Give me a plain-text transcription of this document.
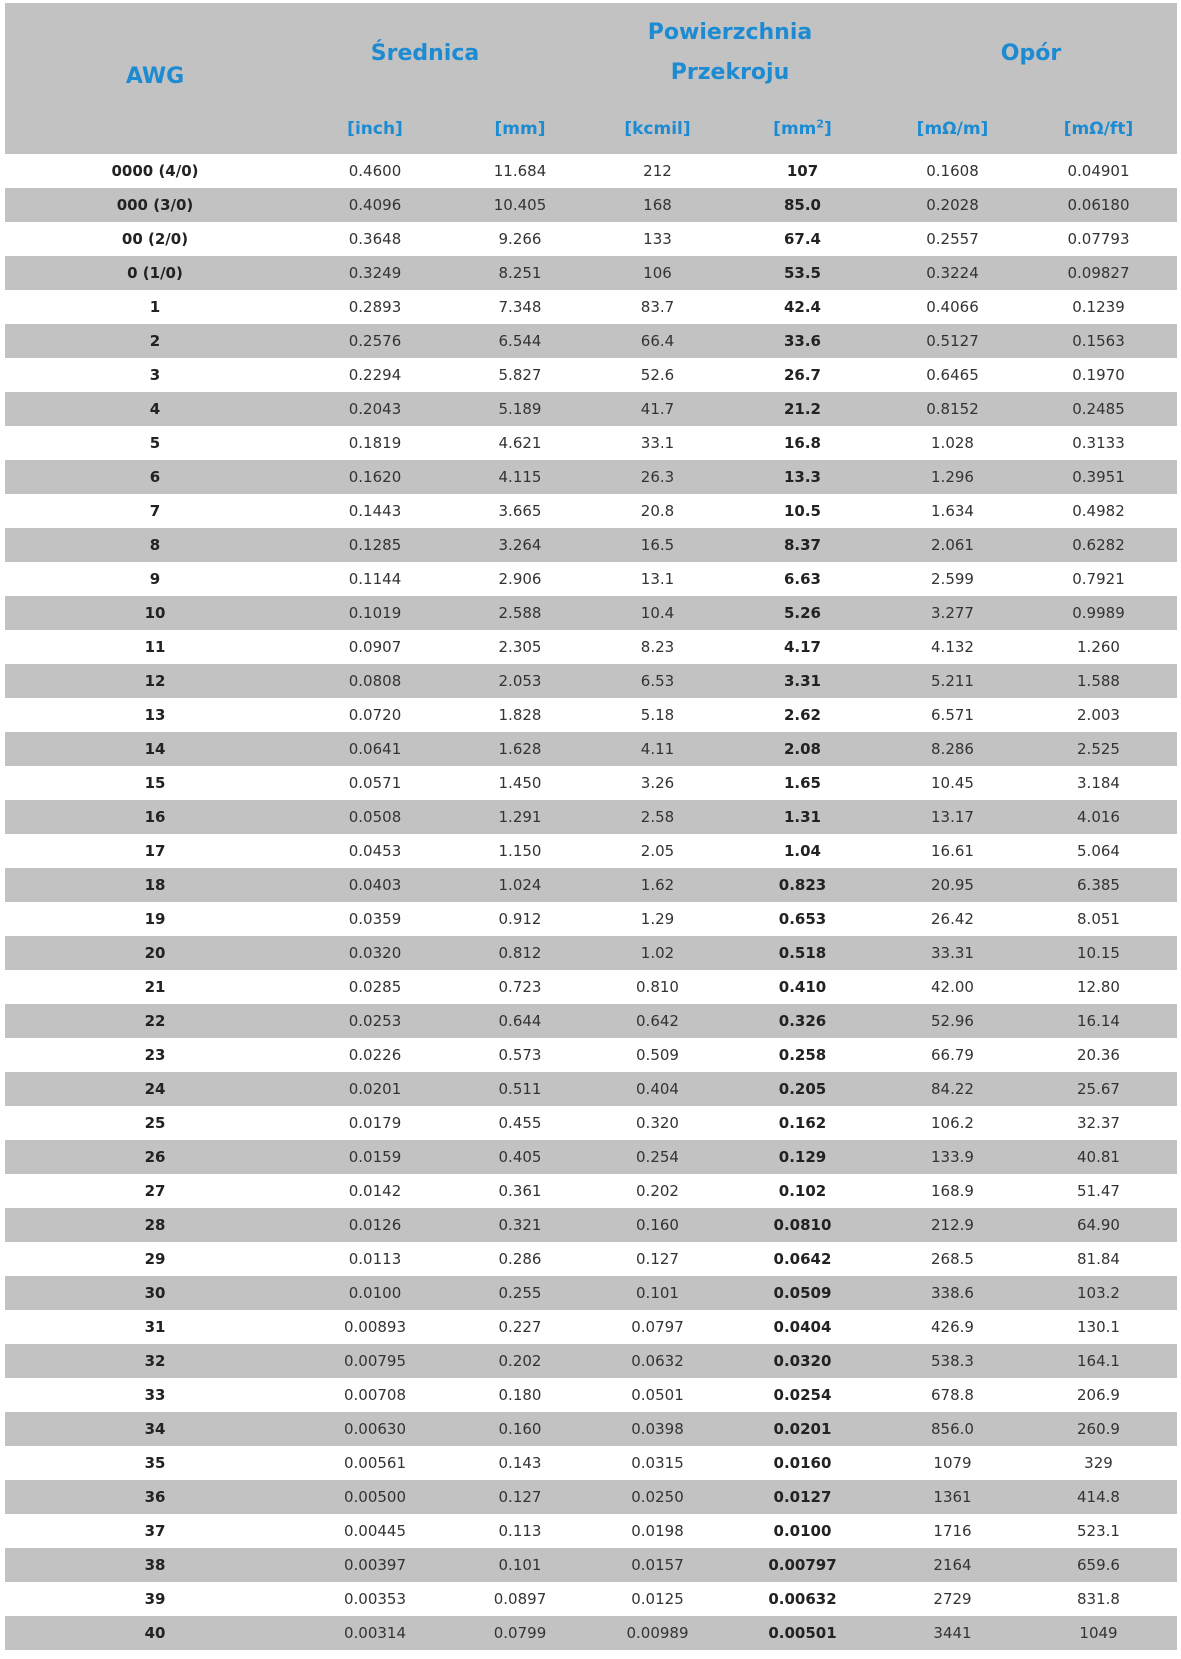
AWG
Średnica
Powierzchnia
Przekroju
Opór
[inch]	[mm]	[kcmil]	$[mm^2]$	[mΩ/m]	[mΩ/ft]
0000 (4/0)	0.4600	11.684	212	107	0.1608	0.04901
000 (3/0)	0.4096	10.405	168	85.0	0.2028	0.06180
00 (2/0)	0.3648	9.266	133	67.4	0.2557	0.07793
0 (1/0)	0.3249	8.251	106	53.5	0.3224	0.09827
1	0.2893	7.348	83.7	42.4	0.4066	0.1239
2	0.2576	6.544	66.4	33.6	0.5127	0.1563
3	0.2294	5.827	52.6	26.7	0.6465	0.1970
4	0.2043	5.189	41.7	21.2	0.8152	0.2485
5	0.1819	4.621	33.1	16.8	1.028	0.3133
6	0.1620	4.115	26.3	13.3	1.296	0.3951
7	0.1443	3.665	20.8	10.5	1.634	0.4982
8	0.1285	3.264	16.5	8.37	2.061	0.6282
9	0.1144	2.906	13.1	6.63	2.599	0.7921
10	0.1019	2.588	10.4	5.26	3.277	0.9989
11	0.0907	2.305	8.23	4.17	4.132	1.260
12	0.0808	2.053	6.53	3.31	5.211	1.588
13	0.0720	1.828	5.18	2.62	6.571	2.003
14	0.0641	1.628	4.11	2.08	8.286	2.525
15	0.0571	1.450	3.26	1.65	10.45	3.184
16	0.0508	1.291	2.58	1.31	13.17	4.016
17	0.0453	1.150	2.05	1.04	16.61	5.064
18	0.0403	1.024	1.62	0.823	20.95	6.385
19	0.0359	0.912	1.29	0.653	26.42	8.051
20	0.0320	0.812	1.02	0.518	33.31	10.15
21	0.0285	0.723	0.810	0.410	42.00	12.80
22	0.0253	0.644	0.642	0.326	52.96	16.14
23	0.0226	0.573	0.509	0.258	66.79	20.36
24	0.0201	0.511	0.404	0.205	84.22	25.67
25	0.0179	0.455	0.320	0.162	106.2	32.37
26	0.0159	0.405	0.254	0.129	133.9	40.81
27	0.0142	0.361	0.202	0.102	168.9	51.47
28	0.0126	0.321	0.160	0.0810	212.9	64.90
29	0.0113	0.286	0.127	0.0642	268.5	81.84
30	0.0100	0.255	0.101	0.0509	338.6	103.2
31	0.00893	0.227	0.0797	0.0404	426.9	130.1
32	0.00795	0.202	0.0632	0.0320	538.3	164.1
33	0.00708	0.180	0.0501	0.0254	678.8	206.9
34	0.00630	0.160	0.0398	0.0201	856.0	260.9
35	0.00561	0.143	0.0315	0.0160	1079	329
36	0.00500	0.127	0.0250	0.0127	1361	414.8
37	0.00445	0.113	0.0198	0.0100	1716	523.1
38	0.00397	0.101	0.0157	0.00797	2164	659.6
39	0.00353	0.0897	0.0125	0.00632	2729	831.8
40	0.00314	0.0799	0.00989	0.00501	3441	1049
